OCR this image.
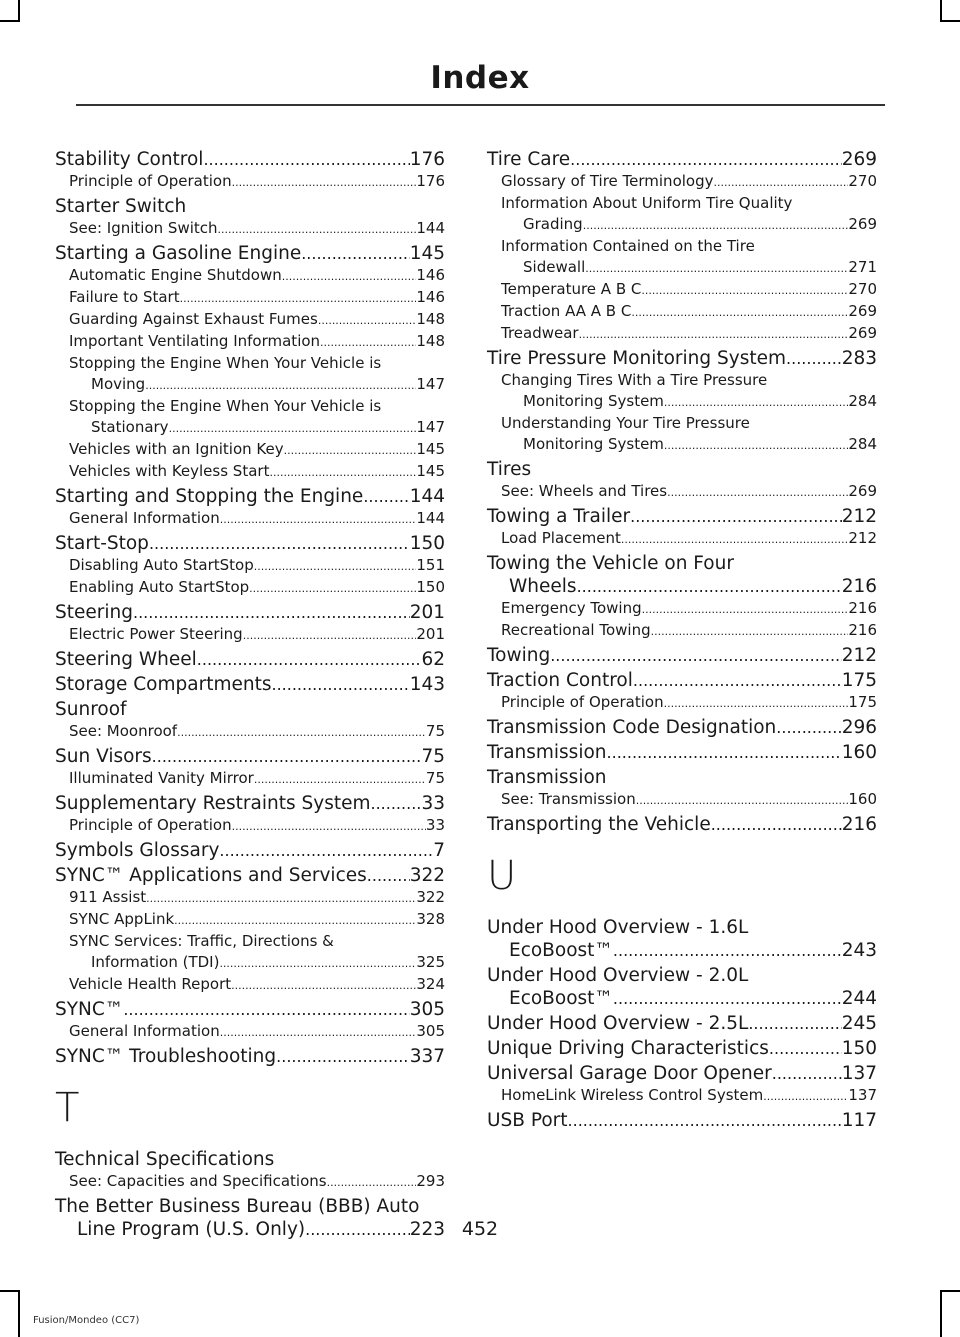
Index
Stability Control .....	176
Principle of Operation .....	176
Starter Switch
See: Ignition Switch .....	144
Starting a Gasoline Engine .....	145
Automatic Engine Shutdown .....	146
Failure to Start .....	146
Guarding Against Exhaust Fumes .....	148
Important Ventilating Information .....	148
Stopping the Engine When Your Vehicle is
Moving .....	147
Stopping the Engine When Your Vehicle is
Stationary .....	147
Vehicles with an Ignition Key .....	145
Vehicles with Keyless Start .....	145
Starting and Stopping the Engine .....	144
General Information .....	144
Start-Stop .....	150
Disabling Auto StartStop .....	151
Enabling Auto StartStop .....	150
Steering .....	201
Electric Power Steering .....	201
Steering Wheel .....	62
Storage Compartments .....	143
Sunroof
See: Moonroof .....	75
Sun Visors .....	75
Illuminated Vanity Mirror .....	75
Supplementary Restraints System .....	33
Principle of Operation .....	33
Symbols Glossary .....	7
SYNC™ Applications and Services ..... 322
911 Assist .....	322
SYNC AppLink .....	328
SYNC Services: Traffic, Directions &
Information (TDI) .....	325
Vehicle Health Report .....	324
SYNC™ .....	305
General Information .....	305
SYNC™ Troubleshooting .....	337
T
Technical Specifications
See: Capacities and Specifications .....	293
The Better Business Bureau (BBB) Auto
Line Program (U.S. Only) .....	223
Tire Care .....	269
Glossary of Tire Terminology .....	270
Information About Uniform Tire Quality
Grading .....	269
Information Contained on the Tire
Sidewall .....	271
Temperature A B C .....	270
Traction AA A B C .....	269
Treadwear .....	269
Tire Pressure Monitoring System .....	283
Changing Tires With a Tire Pressure
Monitoring System .....	284
Understanding Your Tire Pressure
Monitoring System .....	284
Tires
See: Wheels and Tires .....	269
Towing a Trailer .....	212
Load Placement .....	212
Towing the Vehicle on Four
Wheels .....	216
Emergency Towing .....	216
Recreational Towing .....	216
Towing .....	212
Traction Control .....	175
Principle of Operation .....	175
Transmission Code Designation .....	296
Transmission .....	160
Transmission
See: Transmission .....	160
Transporting the Vehicle .....	216
U
Under Hood Overview - 1.6L
EcoBoost™ .....	243
Under Hood Overview - 2.0L
EcoBoost™ .....	244
Under Hood Overview - 2.5L .....	245
Unique Driving Characteristics .....	150
Universal Garage Door Opener .....	137
HomeLink Wireless Control System .....	137
USB Port .....	117
452
Fusion/Mondeo (CC7)
